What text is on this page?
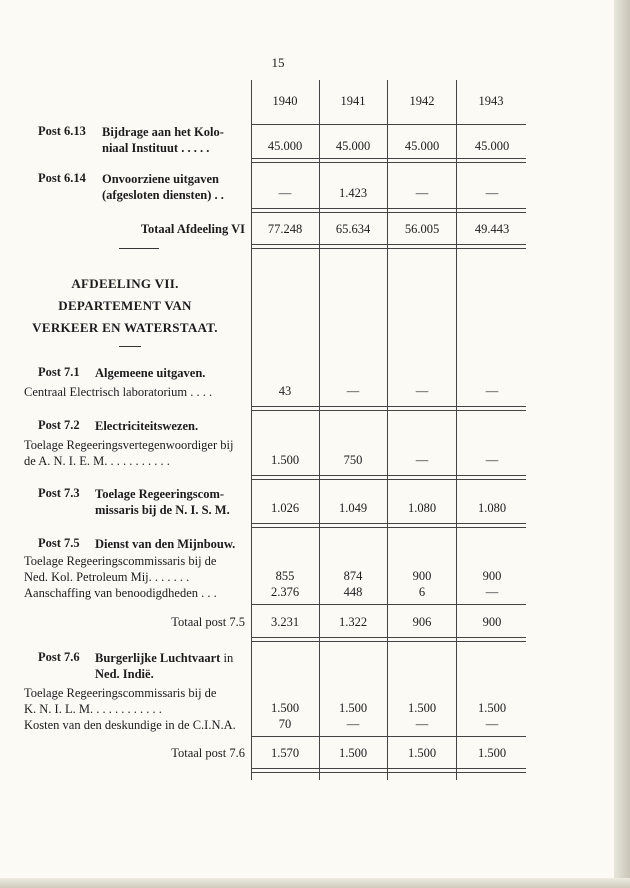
15
1940	1941	1942	1943
Post 6.13 Bijdrage aan het Kolo-
niaal Instituut . . . . .	45.000	45.000	45.000	45.000
Post 6.14 Onvoorziene uitgaven
(afgesloten diensten) . .	—	1.423	—	—
Totaal Afdeeling VI	77.248	65.634	56.005	49.443
AFDEELING VII.
DEPARTEMENT VAN
VERKEER EN WATERSTAAT.
Post 7.1 Algemeene uitgaven.
Centraal Electrisch laboratorium . . . .	43	—	—	—
Post 7.2 Electriciteitswezen.
Toelage Regeeringsvertegenwoordiger bij
de A. N. I. E. M. . . . . . . . . . .	1.500	750	—	—
Post 7.3 Toelage Regeeringscom-
missaris bij de N. I. S. M.	1.026	1.049	1.080	1.080
Post 7.5 Dienst van den Mijnbouw.
Toelage Regeeringscommissaris bij de
Ned. Kol. Petroleum Mij. . . . . . .	855	874	900	900
Aanschaffing van benoodigdheden . . .	2.376	448	6	—
Totaal post 7.5	3.231	1.322	906	900
Post 7.6 Burgerlijke Luchtvaart in
Ned. Indië.
Toelage Regeeringscommissaris bij de
K. N. I. L. M. . . . . . . . . . . .	1.500	1.500	1.500	1.500
Kosten van den deskundige in de C.I.N.A.	70	—	—	—
Totaal post 7.6	1.570	1.500	1.500	1.500
